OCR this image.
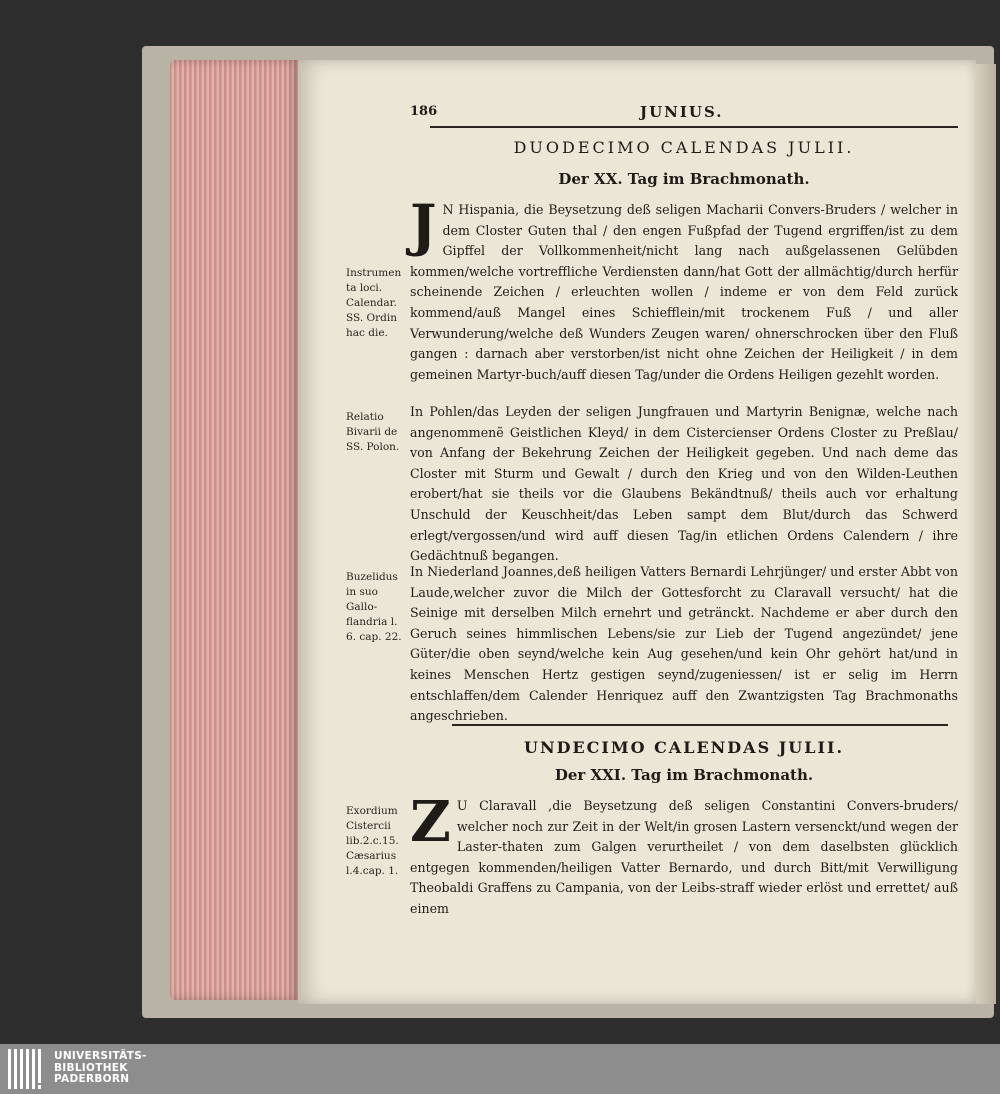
186	JUNIUS.
DUODECIMO CALENDAS JULII.
Der XX. Tag im Brachmonath.
Instrumen ta loci. Calendar. SS. Ordin hac die.
J N Hispania, die Beysetzung deß seligen Macharii Convers-Bruders / welcher in dem Closter Guten thal / den engen Fußpfad der Tugend ergriffen/ist zu dem Gipffel der Vollkommenheit/nicht lang nach außgelassenen Gelübden kommen/welche vortreffliche Verdiensten dann/hat Gott der allmächtig/durch herfür scheinende Zeichen / erleuchten wollen / indeme er von dem Feld zurück kommend/auß Mangel eines Schiefflein/mit trockenem Fuß / und aller Verwunderung/welche deß Wunders Zeugen waren/ ohnerschrocken über den Fluß gangen : darnach aber verstorben/ist nicht ohne Zeichen der Heiligkeit / in dem gemeinen Martyr-buch/auff diesen Tag/under die Ordens Heiligen gezehlt worden.
Relatio Bivarii de SS. Polon.
In Pohlen/das Leyden der seligen Jungfrauen und Martyrin Benignæ, welche nach angenommenẽ Geistlichen Kleyd/ in dem Cistercienser Ordens Closter zu Preßlau/ von Anfang der Bekehrung Zeichen der Heiligkeit gegeben. Und nach deme das Closter mit Sturm und Gewalt / durch den Krieg und von den Wilden-Leuthen erobert/hat sie theils vor die Glaubens Bekändtnuß/ theils auch vor erhaltung Unschuld der Keuschheit/das Leben sampt dem Blut/durch das Schwerd erlegt/vergossen/und wird auff diesen Tag/in etlichen Ordens Calendern / ihre Gedächtnuß begangen.
Buzelidus in suo Gallo-flandria l. 6. cap. 22.
In Niederland Joannes,deß heiligen Vatters Bernardi Lehrjünger/ und erster Abbt von Laude,welcher zuvor die Milch der Gottesforcht zu Claravall versucht/ hat die Seinige mit derselben Milch ernehrt und getränckt. Nachdeme er aber durch den Geruch seines himmlischen Lebens/sie zur Lieb der Tugend angezündet/ jene Güter/die oben seynd/welche kein Aug gesehen/und kein Ohr gehört hat/und in keines Menschen Hertz gestigen seynd/zugeniessen/ ist er selig im Herrn entschlaffen/dem Calender Henriquez auff den Zwantzigsten Tag Brachmonaths angeschrieben.
UNDECIMO CALENDAS JULII.
Der XXI. Tag im Brachmonath.
Exordium Cistercii lib.2.c.15. Cæsarius l.4.cap. 1.
Z U Claravall ,die Beysetzung deß seligen Constantini Convers-bruders/ welcher noch zur Zeit in der Welt/in grosen Lastern versenckt/und wegen der Laster-thaten zum Galgen verurtheilet / von dem daselbsten glücklich entgegen kommenden/heiligen Vatter Bernardo, und durch Bitt/mit Verwilligung Theobaldi Graffens zu Campania, von der Leibs-straff wieder erlöst und errettet/ auß einem
UNIVERSITÄTS-
BIBLIOTHEK
PADERBORN
